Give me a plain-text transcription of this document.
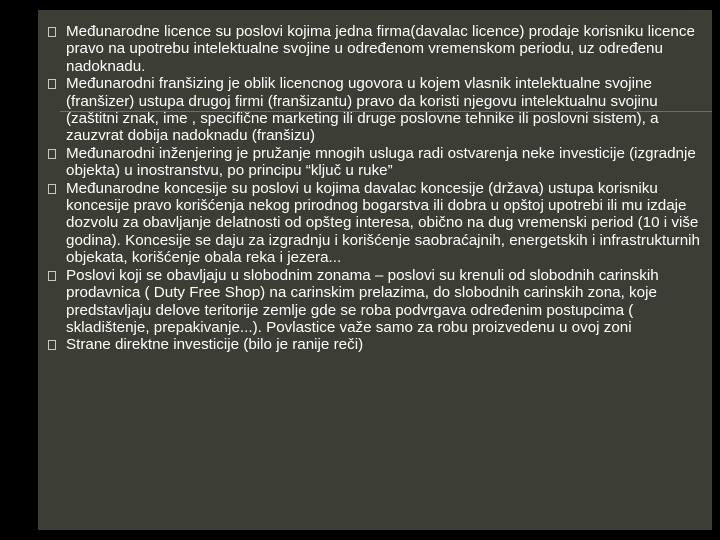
Međunarodne licence su poslovi kojima jedna firma(davalac licence) prodaje korisniku licence pravo na upotrebu intelektualne svojine u određenom vremenskom periodu, uz određenu nadoknadu.
Međunarodni franšizing je oblik licencnog ugovora u kojem vlasnik intelektualne svojine (franšizer) ustupa drugoj firmi (franšizantu) pravo da koristi njegovu intelektualnu svojinu (zaštitni znak, ime , specifične marketing ili druge poslovne tehnike ili poslovni sistem), a zauzvrat dobija nadoknadu (franšizu)
Međunarodni inženjering je pružanje mnogih usluga radi ostvarenja neke investicije (izgradnje objekta) u inostranstvu, po principu “ključ u ruke”
Međunarodne koncesije su poslovi u kojima davalac koncesije (država) ustupa korisniku koncesije pravo korišćenja nekog prirodnog bogarstva ili dobra u opštoj upotrebi ili mu izdaje dozvolu za obavljanje delatnosti od opšteg interesa, obično na dug vremenski period (10 i više godina). Koncesije se daju za izgradnju i korišćenje saobraćajnih, energetskih i infrastrukturnih objekata, korišćenje obala reka i jezera...
Poslovi koji se obavljaju u slobodnim zonama – poslovi su krenuli od slobodnih carinskih prodavnica ( Duty Free Shop) na carinskim prelazima, do slobodnih carinskih zona, koje predstavljaju delove teritorije zemlje gde se roba podvrgava određenim postupcima ( skladištenje, prepakivanje...). Povlastice važe samo za robu proizvedenu u ovoj zoni
Strane direktne investicije (bilo je ranije reči)
